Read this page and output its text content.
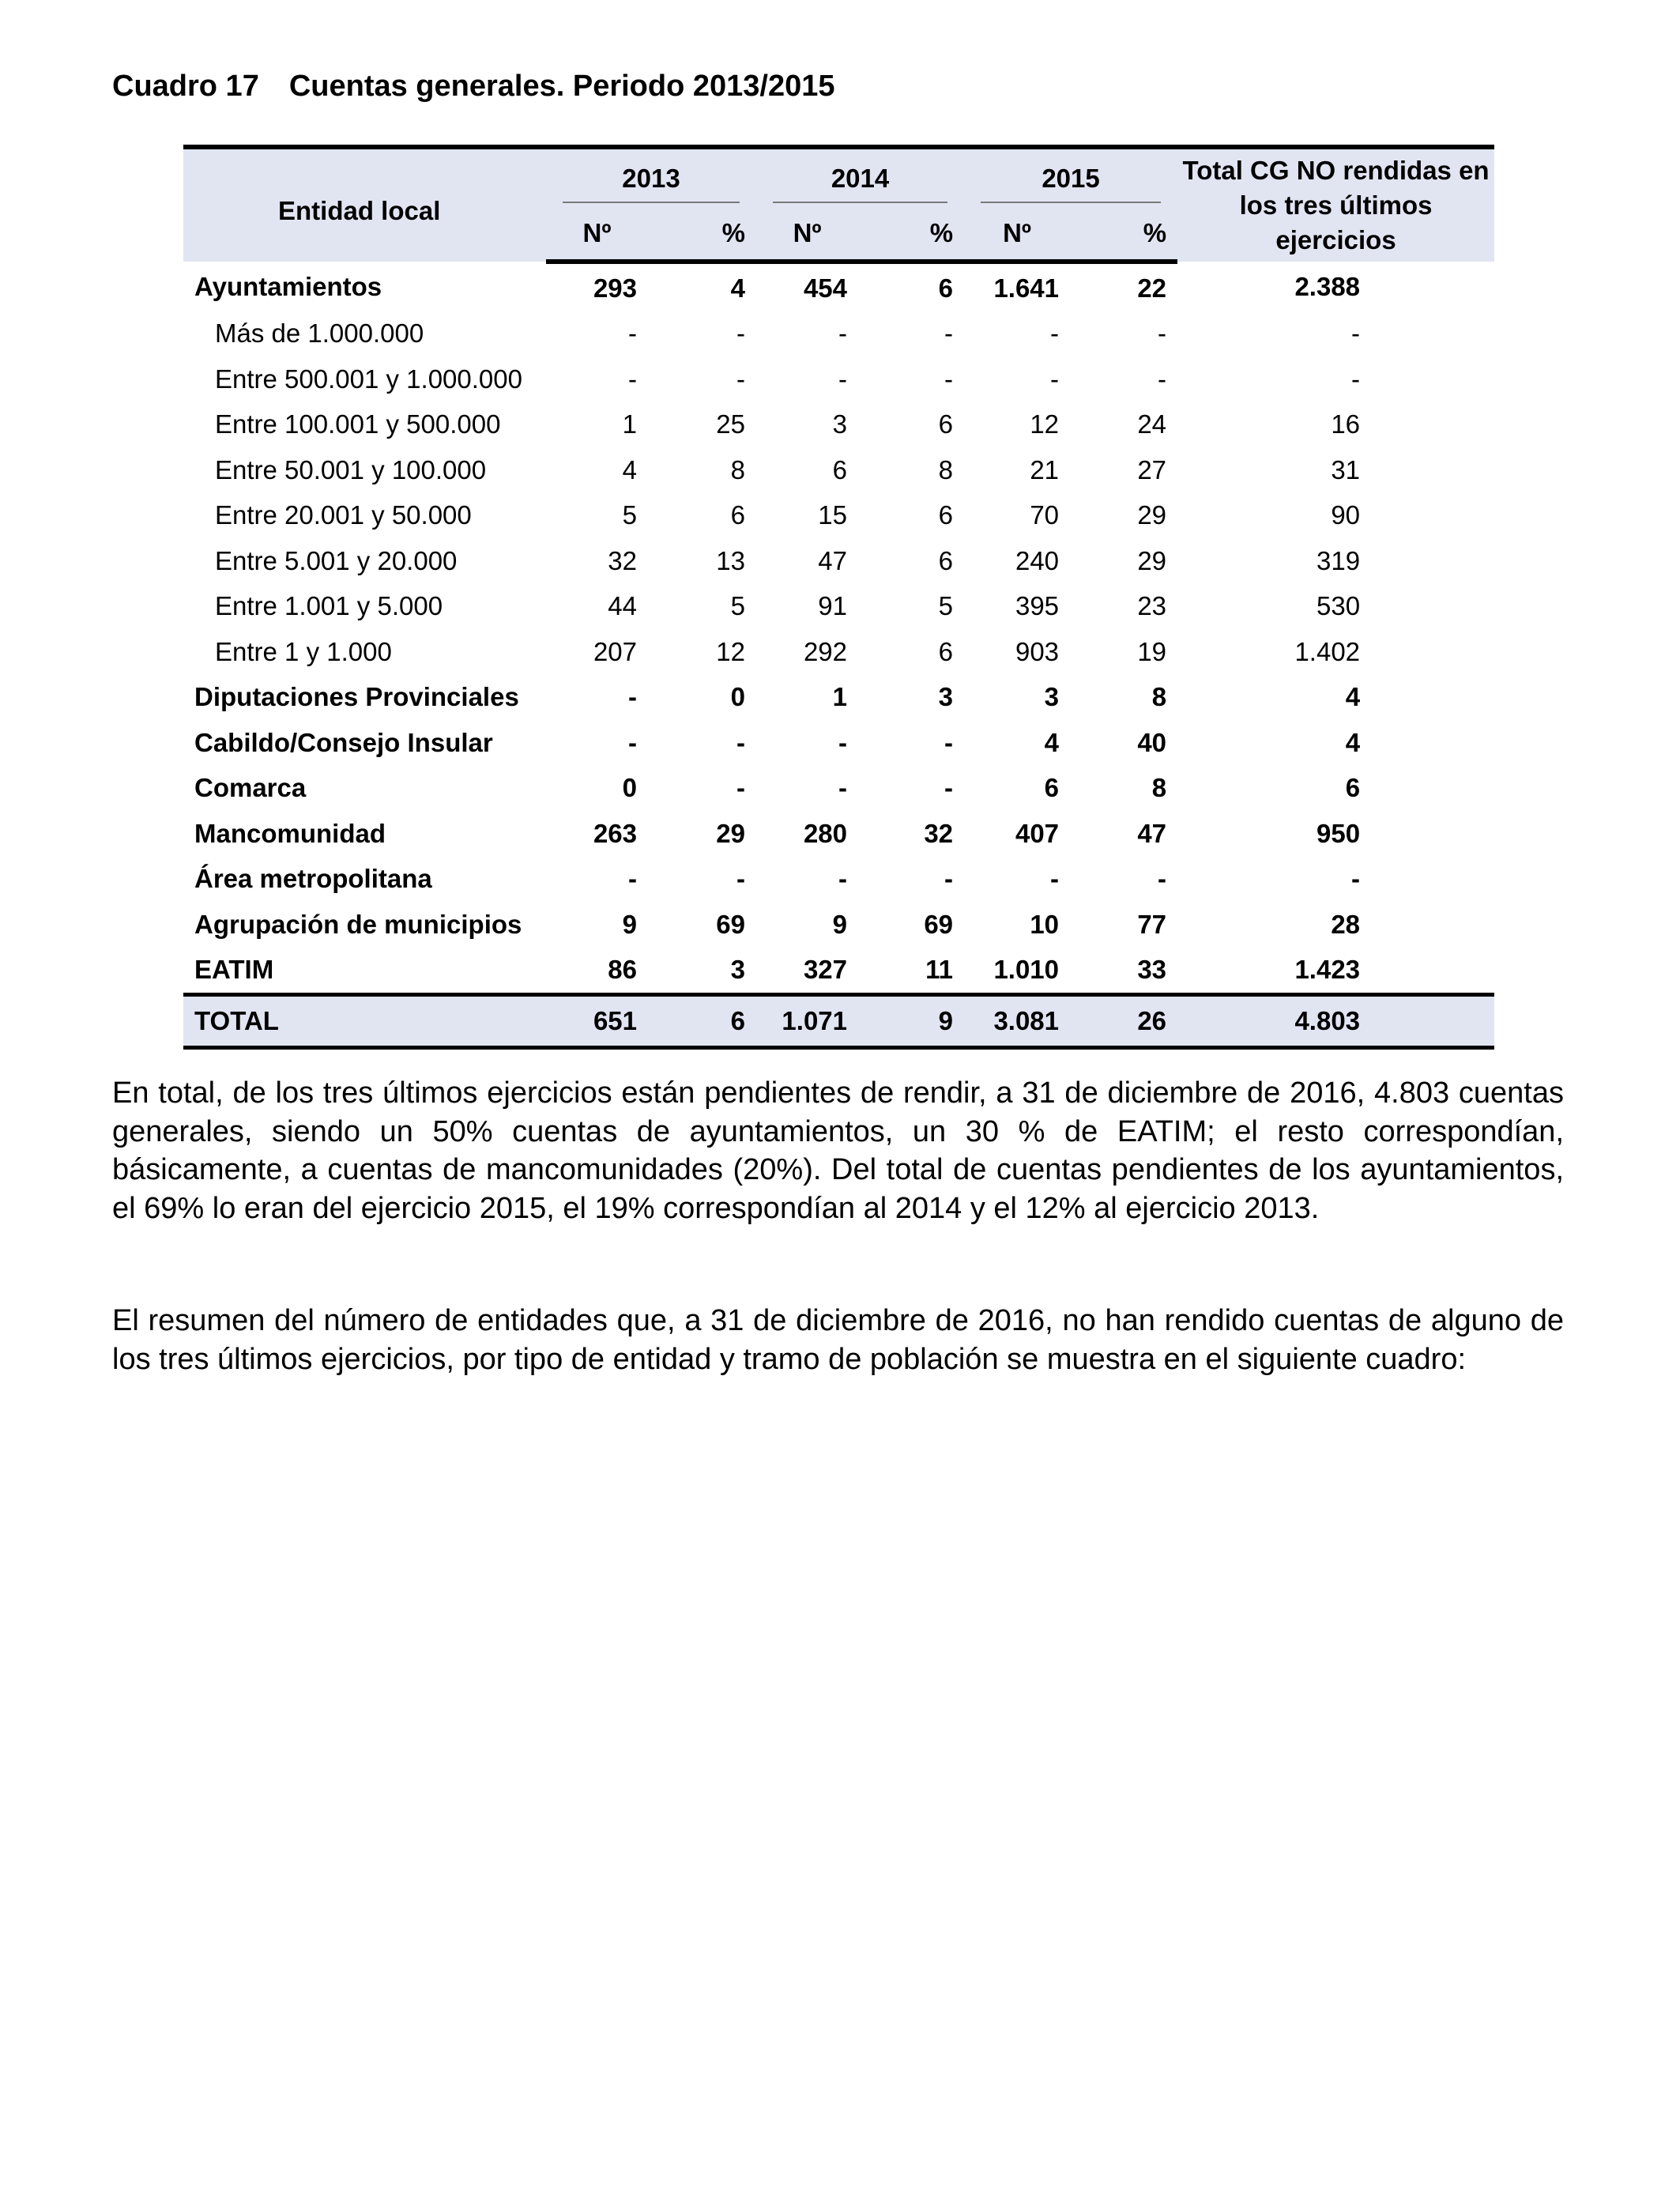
Cuadro 17 Cuentas generales. Periodo 2013/2015
Entidad local	2013		2014		2015		Total CG NO rendidas en los tres últimos ejercicios
	Nº	%	Nº	%	Nº	%	
Ayuntamientos	293	4	454	6	1.641	22	2.388
Más de 1.000.000	-	-	-	-	-	-	-
Entre 500.001 y 1.000.000	-	-	-	-	-	-	-
Entre 100.001 y 500.000	1	25	3	6	12	24	16
Entre 50.001 y 100.000	4	8	6	8	21	27	31
Entre 20.001 y 50.000	5	6	15	6	70	29	90
Entre 5.001 y 20.000	32	13	47	6	240	29	319
Entre 1.001 y 5.000	44	5	91	5	395	23	530
Entre 1 y 1.000	207	12	292	6	903	19	1.402
Diputaciones Provinciales	-	0	1	3	3	8	4
Cabildo/Consejo Insular	-	-	-	-	4	40	4
Comarca	0	-	-	-	6	8	6
Mancomunidad	263	29	280	32	407	47	950
Área metropolitana	-	-	-	-	-	-	-
Agrupación de municipios	9	69	9	69	10	77	28
EATIM	86	3	327	11	1.010	33	1.423
TOTAL	651	6	1.071	9	3.081	26	4.803

En total, de los tres últimos ejercicios están pendientes de rendir, a 31 de diciembre de 2016, 4.803 cuentas generales, siendo un 50% cuentas de ayuntamientos, un 30 % de EATIM; el resto correspondían, básicamente, a cuentas de mancomunidades (20%). Del total de cuentas pendientes de los ayuntamientos, el 69% lo eran del ejercicio 2015, el 19% correspondían al 2014 y el 12% al ejercicio 2013.

El resumen del número de entidades que, a 31 de diciembre de 2016, no han rendido cuentas de alguno de los tres últimos ejercicios, por tipo de entidad y tramo de población se muestra en el siguiente cuadro:
